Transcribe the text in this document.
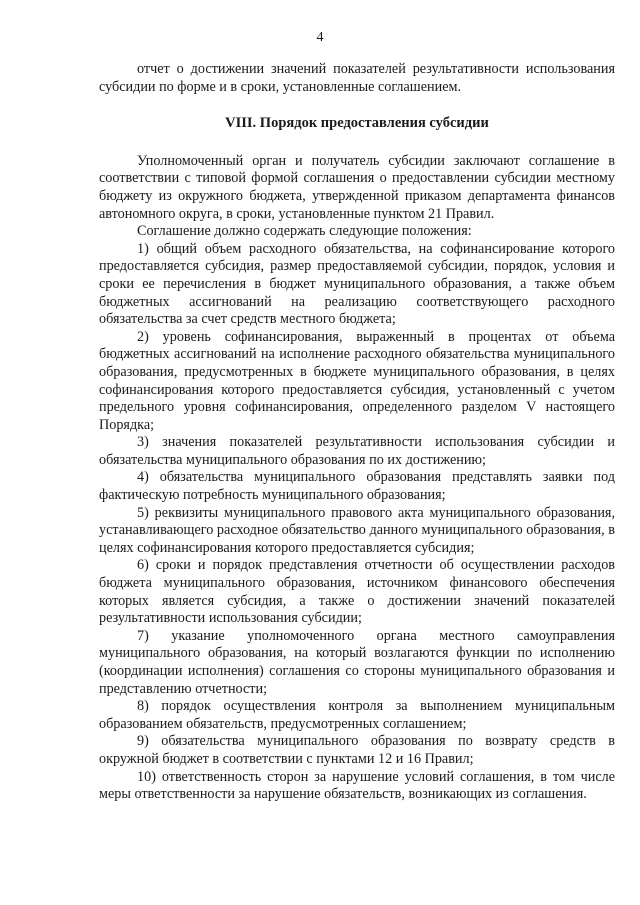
4

отчет о достижении значений показателей результативности использования субсидии по форме и в сроки, установленные соглашением.

VIII. Порядок предоставления субсидии

Уполномоченный орган и получатель субсидии заключают соглашение в соответствии с типовой формой соглашения о предоставлении субсидии местному бюджету из окружного бюджета, утвержденной приказом департамента финансов автономного округа, в сроки, установленные пунктом 21 Правил.

Соглашение должно содержать следующие положения:

1) общий объем расходного обязательства, на софинансирование которого предоставляется субсидия, размер предоставляемой субсидии, порядок, условия и сроки ее перечисления в бюджет муниципального образования, а также объем бюджетных ассигнований на реализацию соответствующего расходного обязательства за счет средств местного бюджета;

2) уровень софинансирования, выраженный в процентах от объема бюджетных ассигнований на исполнение расходного обязательства муниципального образования, предусмотренных в бюджете муниципального образования, в целях софинансирования которого предоставляется субсидия, установленный с учетом предельного уровня софинансирования, определенного разделом V настоящего Порядка;

3) значения показателей результативности использования субсидии и обязательства муниципального образования по их достижению;

4) обязательства муниципального образования представлять заявки под фактическую потребность муниципального образования;

5) реквизиты муниципального правового акта муниципального образования, устанавливающего расходное обязательство данного муниципального образования, в целях софинансирования которого предоставляется субсидия;

6) сроки и порядок представления отчетности об осуществлении расходов бюджета муниципального образования, источником финансового обеспечения которых является субсидия, а также о достижении значений показателей результативности использования субсидии;

7) указание уполномоченного органа местного самоуправления муниципального образования, на который возлагаются функции по исполнению (координации исполнения) соглашения со стороны муниципального образования и представлению отчетности;

8) порядок осуществления контроля за выполнением муниципальным образованием обязательств, предусмотренных соглашением;

9) обязательства муниципального образования по возврату средств в окружной бюджет в соответствии с пунктами 12 и 16 Правил;

10) ответственность сторон за нарушение условий соглашения, в том числе меры ответственности за нарушение обязательств, возникающих из соглашения.
